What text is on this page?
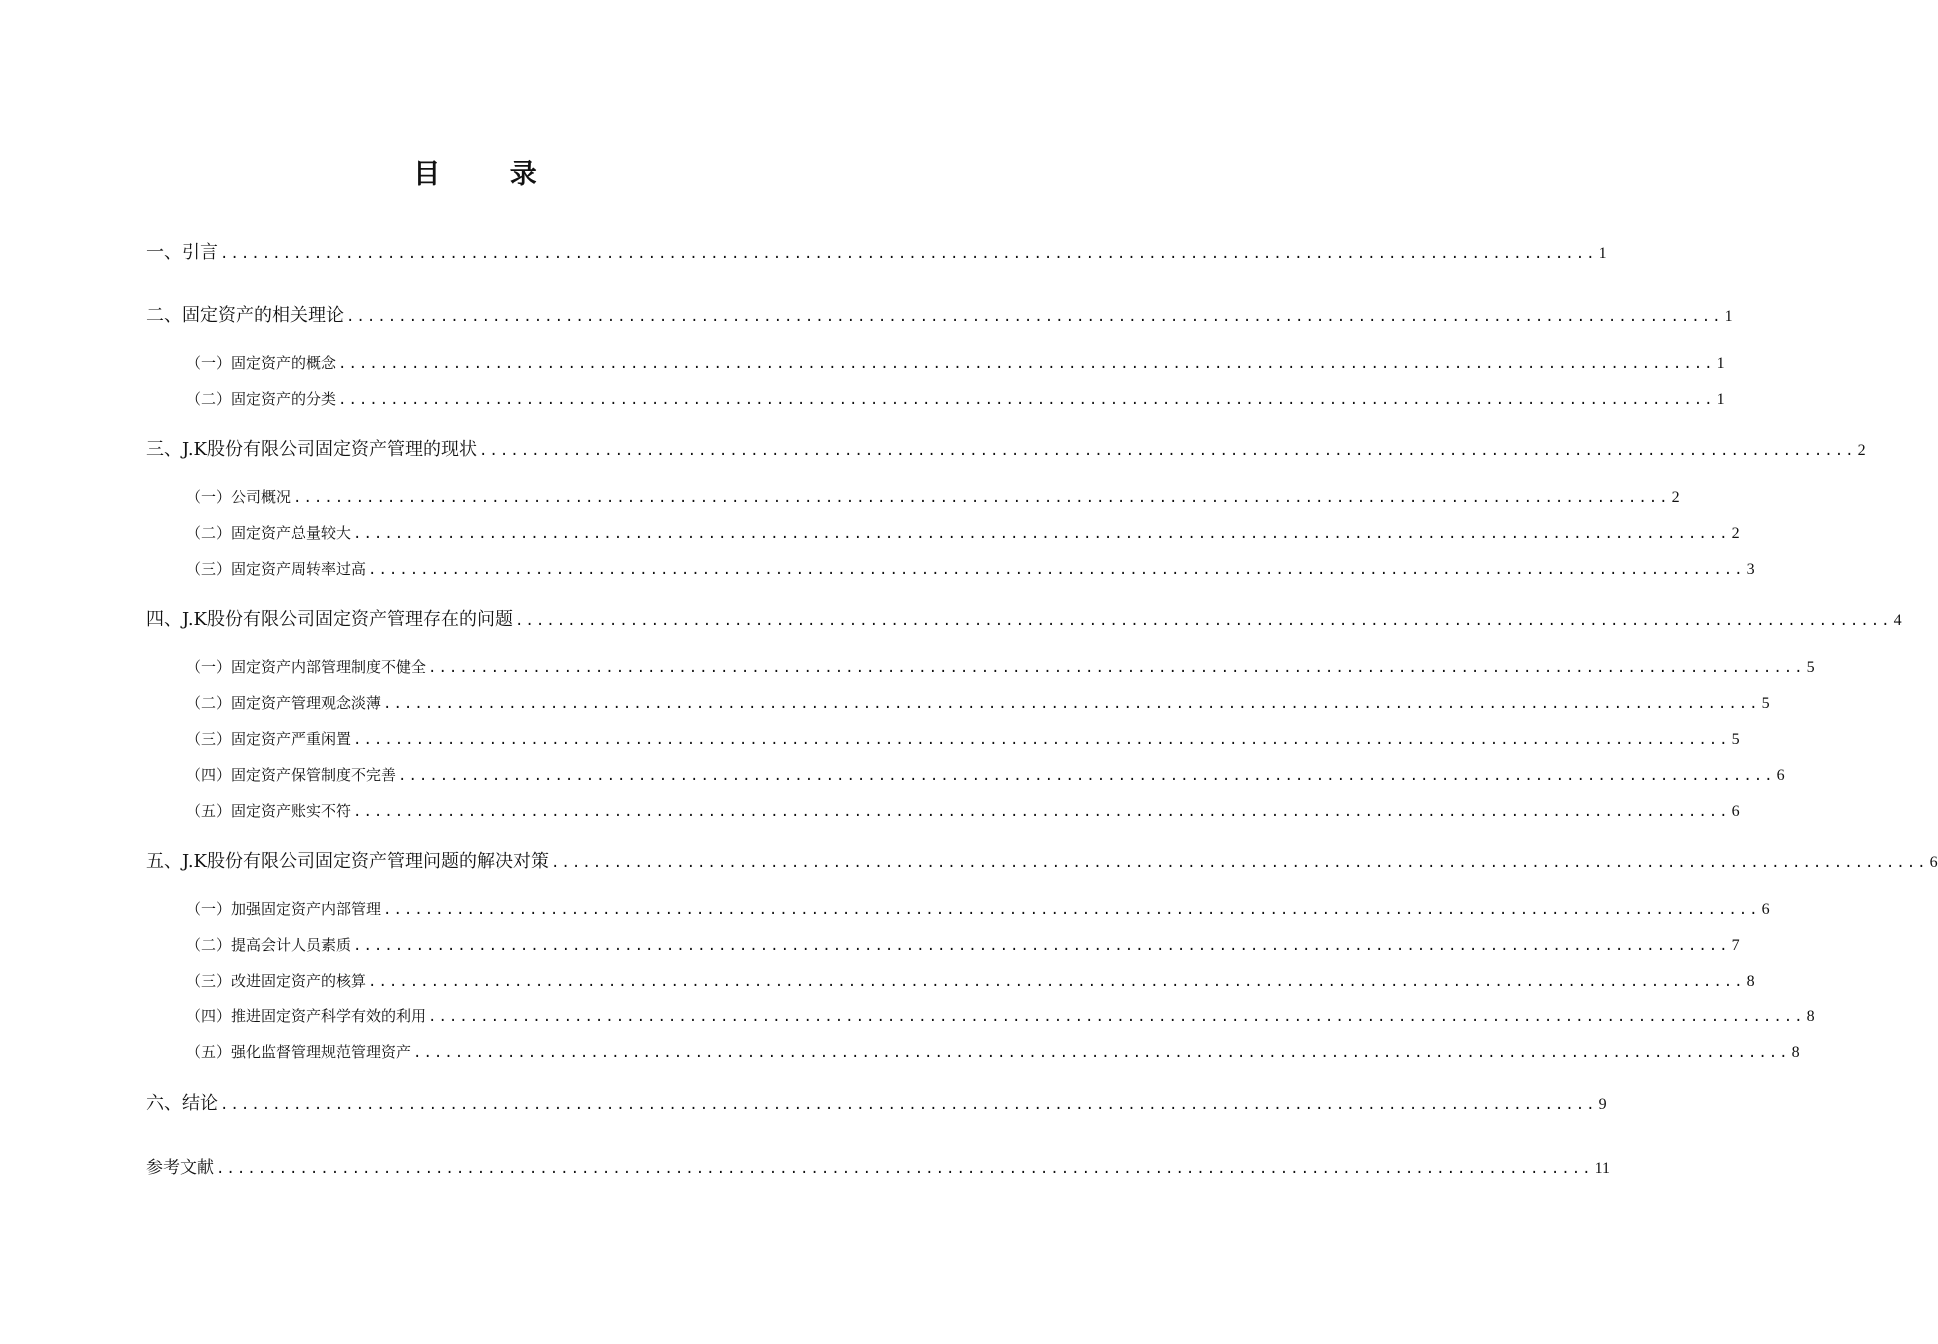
目 录
一、引言 .................................................................................................................................... 1
二、固定资产的相关理论 .................................................................................................................................... 1
（一）固定资产的概念 .................................................................................................................................... 1
（二）固定资产的分类 .................................................................................................................................... 1
三、J.K股份有限公司固定资产管理的现状 .................................................................................................................................... 2
（一）公司概况 .................................................................................................................................... 2
（二）固定资产总量较大 .................................................................................................................................... 2
（三）固定资产周转率过高 .................................................................................................................................... 3
四、J.K股份有限公司固定资产管理存在的问题 .................................................................................................................................... 4
（一）固定资产内部管理制度不健全 .................................................................................................................................... 5
（二）固定资产管理观念淡薄 .................................................................................................................................... 5
（三）固定资产严重闲置 .................................................................................................................................... 5
（四）固定资产保管制度不完善 .................................................................................................................................... 6
（五）固定资产账实不符 .................................................................................................................................... 6
五、J.K股份有限公司固定资产管理问题的解决对策 .................................................................................................................................... 6
（一）加强固定资产内部管理 .................................................................................................................................... 6
（二）提高会计人员素质 .................................................................................................................................... 7
（三）改进固定资产的核算 .................................................................................................................................... 8
（四）推进固定资产科学有效的利用 .................................................................................................................................... 8
（五）强化监督管理规范管理资产 .................................................................................................................................... 8
六、结论 .................................................................................................................................... 9
参考文献 .................................................................................................................................... 11
